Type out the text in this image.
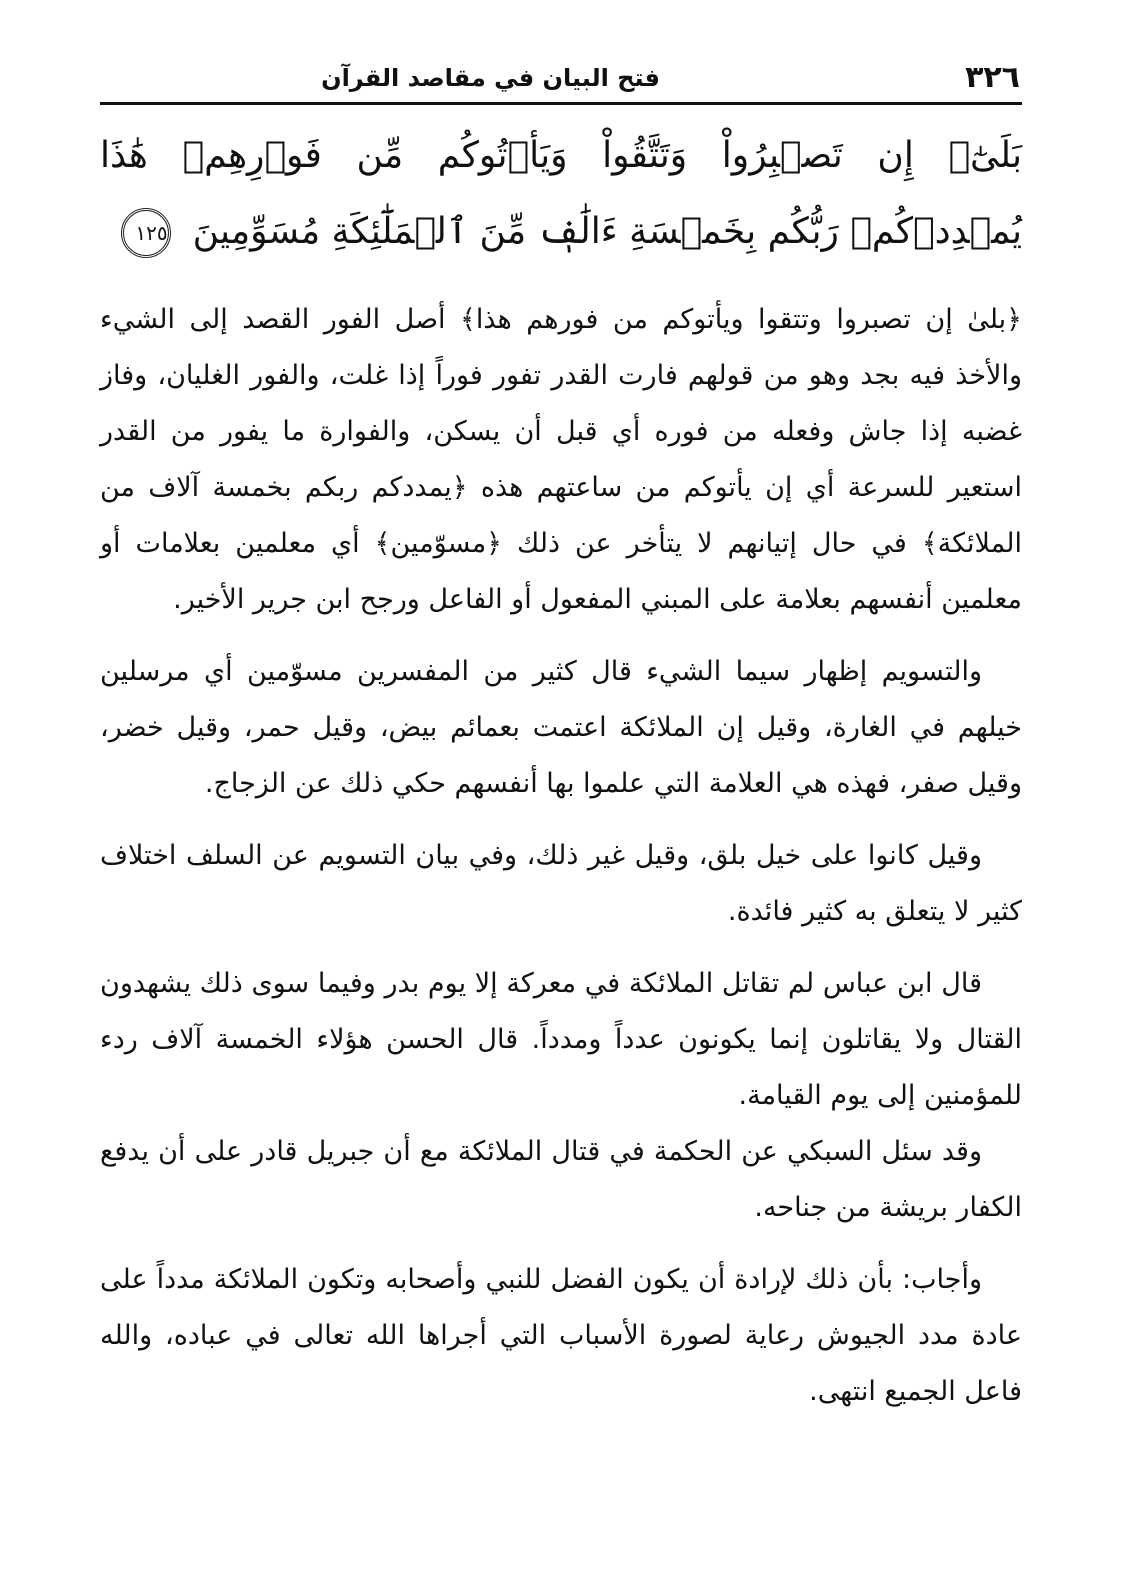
٣٢٦
فتح البيان في مقاصد القرآن
بَلَىٰٓۚ إِن تَصۡبِرُواْ وَتَتَّقُواْ وَيَأۡتُوكُم مِّن فَوۡرِهِمۡ هَٰذَا يُمۡدِدۡكُمۡ رَبُّكُم بِخَمۡسَةِ ءَالَٰفٖ مِّنَ ٱلۡمَلَٰٓئِكَةِ مُسَوِّمِينَ١٢٥

﴿بلىٰ إن تصبروا وتتقوا ويأتوكم من فورهم هذا﴾ أصل الفور القصد إلى الشيء والأخذ فيه بجد وهو من قولهم فارت القدر تفور فوراً إذا غلت، والفور الغليان، وفاز غضبه إذا جاش وفعله من فوره أي قبل أن يسكن، والفوارة ما يفور من القدر استعير للسرعة أي إن يأتوكم من ساعتهم هذه ﴿يمددكم ربكم بخمسة آلاف من الملائكة﴾ في حال إتيانهم لا يتأخر عن ذلك ﴿مسوّمين﴾ أي معلمين بعلامات أو معلمين أنفسهم بعلامة على المبني المفعول أو الفاعل ورجح ابن جرير الأخير.

والتسويم إظهار سيما الشيء قال كثير من المفسرين مسوّمين أي مرسلين خيلهم في الغارة، وقيل إن الملائكة اعتمت بعمائم بيض، وقيل حمر، وقيل خضر، وقيل صفر، فهذه هي العلامة التي علموا بها أنفسهم حكي ذلك عن الزجاج.

وقيل كانوا على خيل بلق، وقيل غير ذلك، وفي بيان التسويم عن السلف اختلاف كثير لا يتعلق به كثير فائدة.

قال ابن عباس لم تقاتل الملائكة في معركة إلا يوم بدر وفيما سوى ذلك يشهدون القتال ولا يقاتلون إنما يكونون عدداً ومدداً. قال الحسن هؤلاء الخمسة آلاف ردء للمؤمنين إلى يوم القيامة.

وقد سئل السبكي عن الحكمة في قتال الملائكة مع أن جبريل قادر على أن يدفع الكفار بريشة من جناحه.

وأجاب: بأن ذلك لإرادة أن يكون الفضل للنبي وأصحابه وتكون الملائكة مدداً على عادة مدد الجيوش رعاية لصورة الأسباب التي أجراها الله تعالى في عباده، والله فاعل الجميع انتهى.
